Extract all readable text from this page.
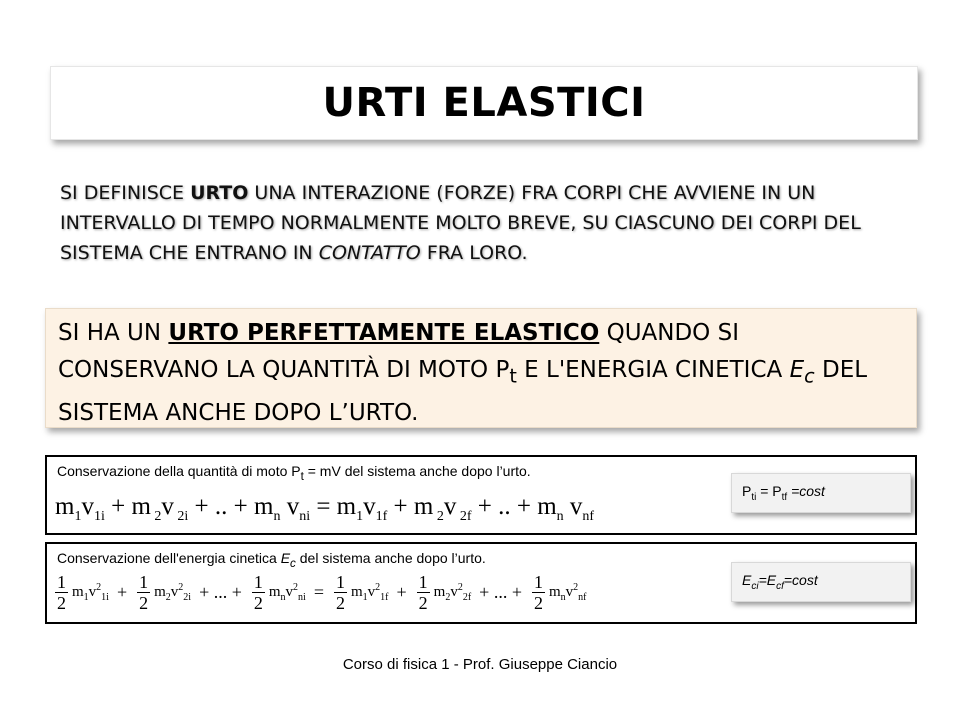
URTI ELASTICI
SI DEFINISCE URTO UNA INTERAZIONE (FORZE) FRA CORPI CHE AVVIENE IN UN INTERVALLO DI TEMPO NORMALMENTE MOLTO BREVE, SU CIASCUNO DEI CORPI DEL SISTEMA CHE ENTRANO IN CONTATTO FRA LORO.
SI HA UN URTO PERFETTAMENTE ELASTICO QUANDO SI CONSERVANO LA QUANTITÀ DI MOTO $P_t$ E L'ENERGIA CINETICA $E_c$ DEL SISTEMA ANCHE DOPO L’URTO.
Conservazione della quantità di moto $P_t$ = mV del sistema anche dopo l’urto.
$m_1v_{1i} + m$ $_2$v $_{2i}$ + .. + $m_n$ $v_{ni} = m_1v_{1f} + m$ $_2$v $_{2f}$ + .. + $m_n$ $v_{nf}$
$P_{ti} = P_{tf} =\cos t$
Conservazione dell'energia cinetica $E_c$ del sistema anche dopo l’urto.
$\frac{1}{2} m_1v^2_{1i} + \frac{1}{2} m_2v^2_{2i}$ + ... + $\frac{1}{2} m_nv^2_{ni} = \frac{1}{2} m_1v^2_{1f} + \frac{1}{2} m_2v^2_{2f}$ + ... + $\frac{1}{2} m_nv^2_{nf}$
$E_{ci}=E_{cf}=\cos t$
Corso di fisica 1 - Prof. Giuseppe Ciancio
